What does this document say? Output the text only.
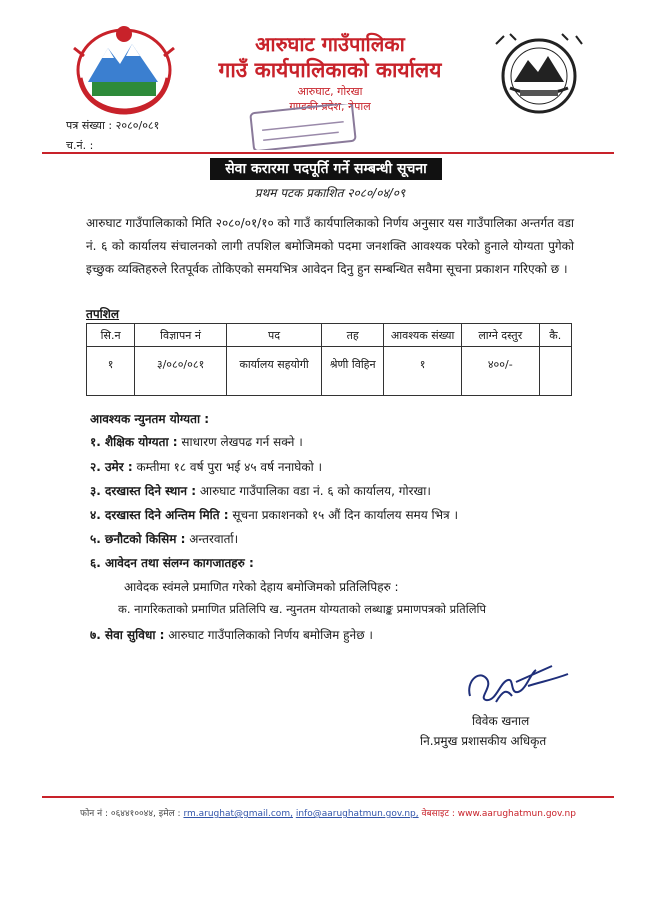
आरुघाट गाउँपालिका
गाउँ कार्यपालिकाको कार्यालय
आरुघाट, गोरखा
गण्डकी प्रदेश, नेपाल
पत्र संख्या : २०८०/०८१
च.नं. :
सेवा करारमा पदपूर्ति गर्ने सम्बन्धी सूचना
प्रथम पटक प्रकाशित २०८०/०४/०९
आरुघाट गाउँपालिकाको मिति २०८०/०१/१० को गाउँ कार्यपालिकाको निर्णय अनुसार यस गाउँपालिका अन्तर्गत वडा नं. ६ को कार्यालय संचालनको लागी तपशिल बमोजिमको पदमा जनशक्ति आवश्यक परेको हुनाले योग्यता पुगेको इच्छुक व्यक्तिहरुले रितपूर्वक तोकिएको समयभित्र आवेदन दिनु हुन सम्बन्धित सवैमा सूचना प्रकाशन गरिएको छ ।
तपशिल
सि.न	विज्ञापन नं	पद	तह	आवश्यक संख्या	लाग्ने दस्तुर	कै.
१	३/०८०/०८१	कार्यालय सहयोगी	श्रेणी विहिन	१	४००/-	
आवश्यक न्युनतम योग्यता :
१. शैक्षिक योग्यता : साधारण लेखपढ गर्न सक्ने ।
२. उमेर : कम्तीमा १८ वर्ष पुरा भई ४५ वर्ष ननाघेको ।
३. दरखास्त दिने स्थान : आरुघाट गाउँपालिका वडा नं. ६ को कार्यालय, गोरखा।
४. दरखास्त दिने अन्तिम मिति : सूचना प्रकाशनको १५ औं दिन कार्यालय समय भित्र ।
५. छनौटको किसिम : अन्तरवार्ता।
६. आवेदन तथा संलग्न कागजातहरु :
आवेदक स्वंमले प्रमाणित गरेको देहाय बमोजिमको प्रतिलिपिहरु :
क. नागरिकताको प्रमाणित प्रतिलिपि ख. न्युनतम योग्यताको लब्धाङ्क प्रमाणपत्रको प्रतिलिपि
७. सेवा सुविधा : आरुघाट गाउँपालिकाको निर्णय बमोजिम हुनेछ ।
विवेक खनाल
नि.प्रमुख प्रशासकीय अधिकृत
फोन नं : ०६४४१००४४, इमेल : rm.arughat@gmail.com, info@aarughatmun.gov.np, वेबसाइट : www.aarughatmun.gov.np
